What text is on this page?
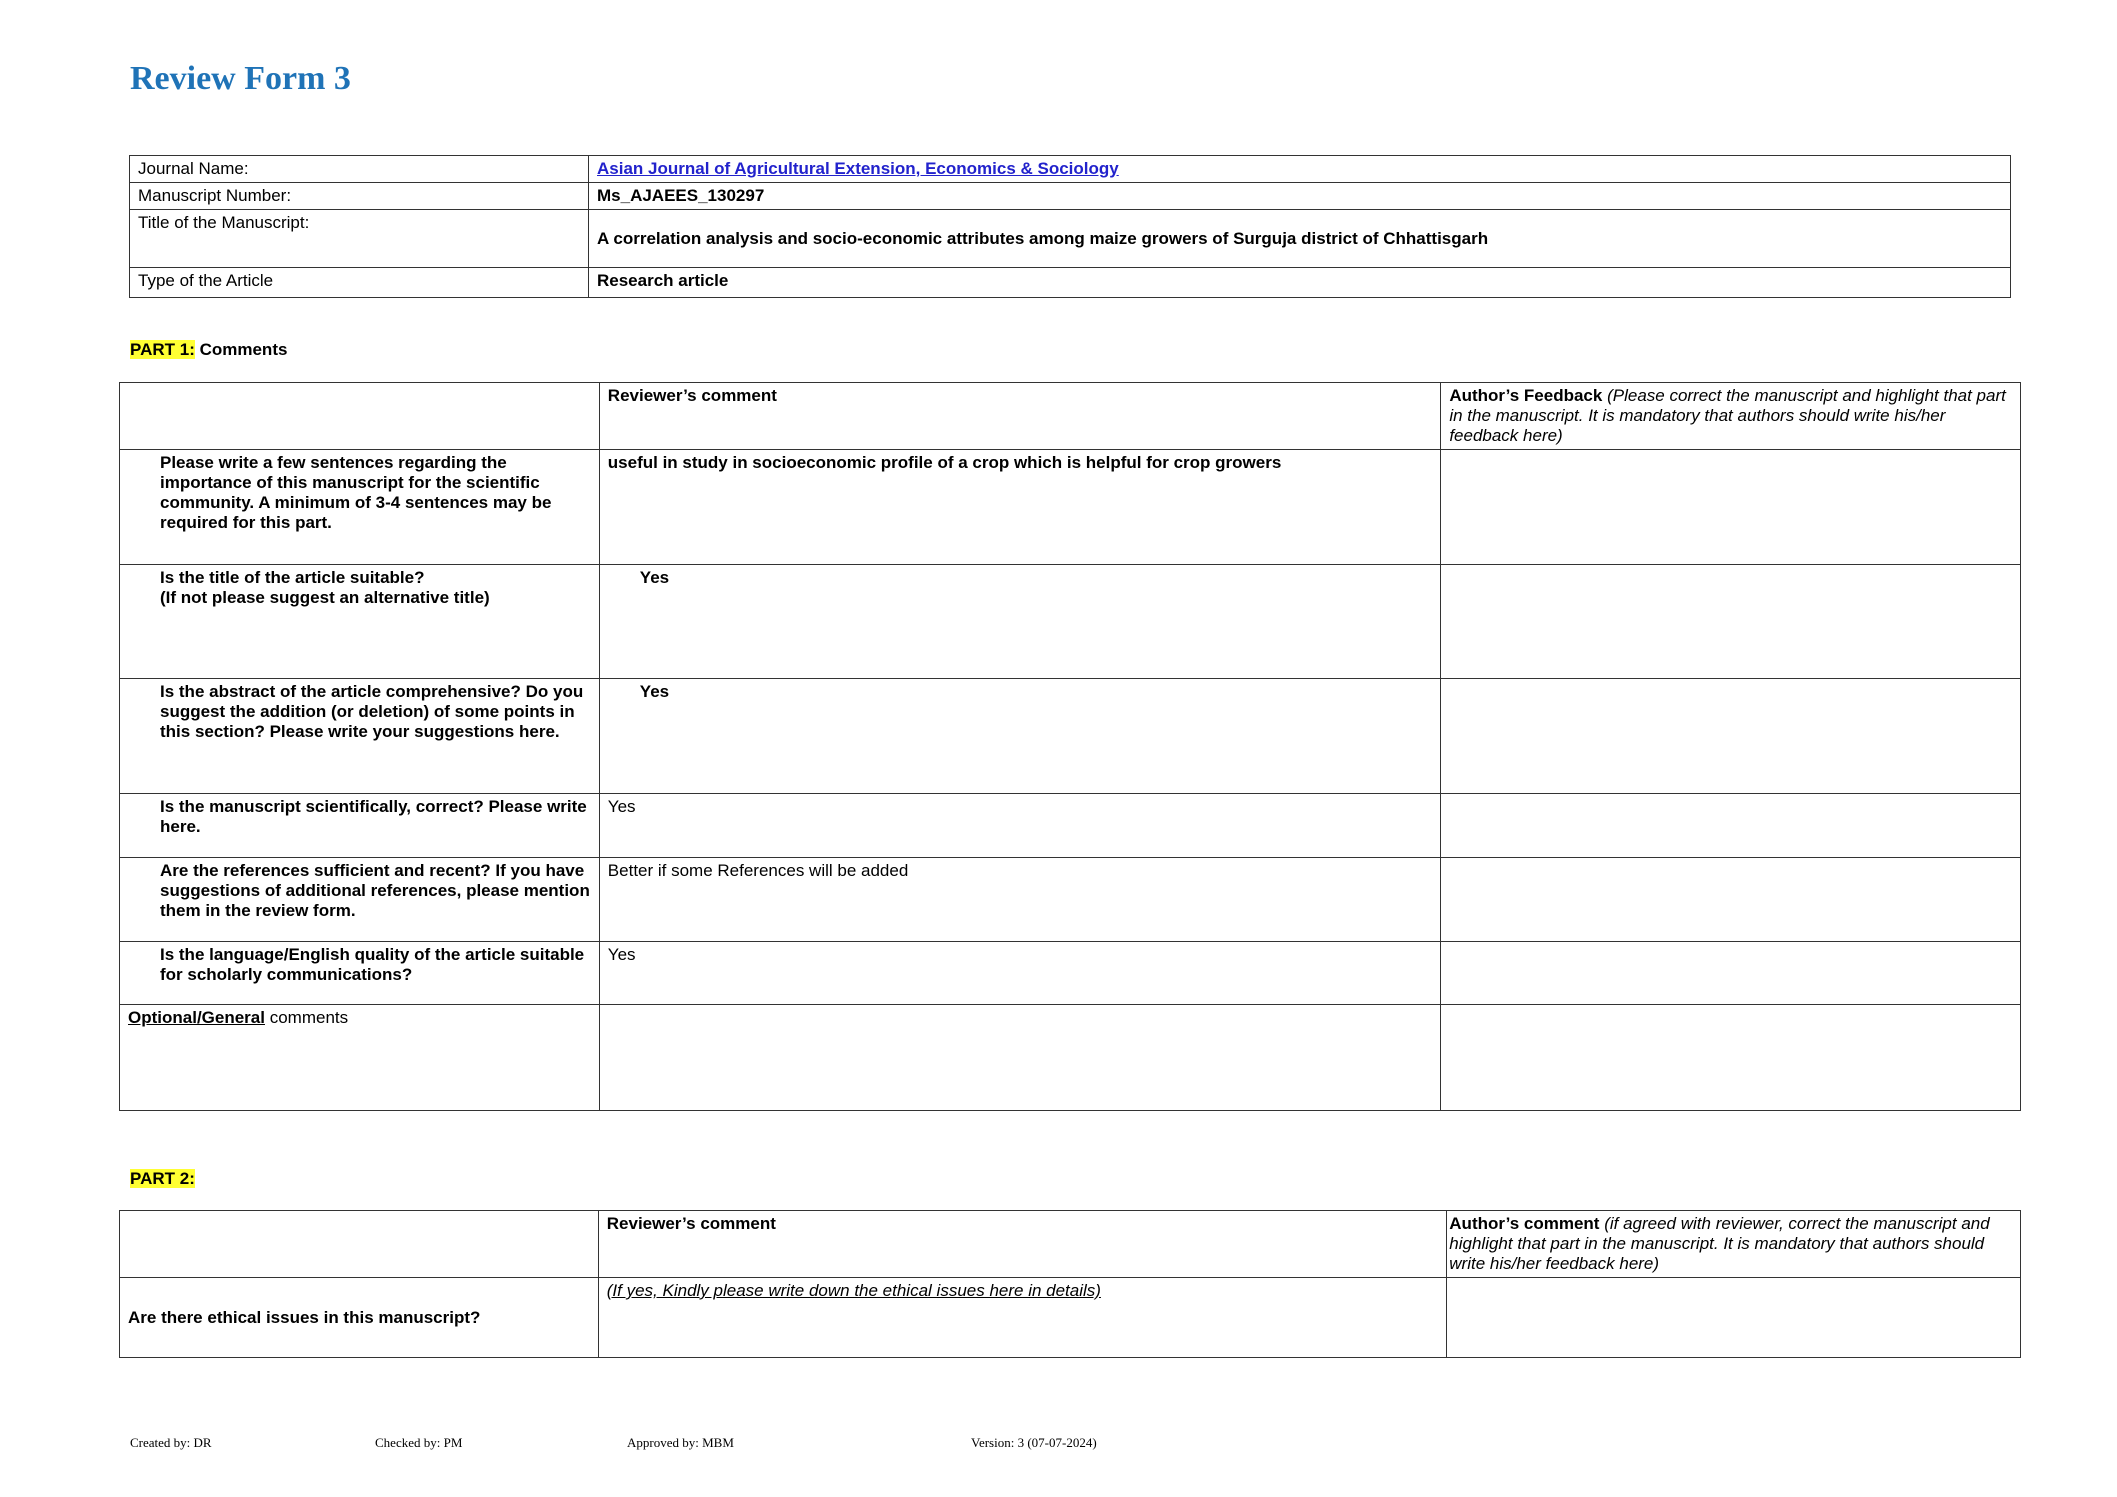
Review Form 3
Journal Name:	Asian Journal of Agricultural Extension, Economics & Sociology
Manuscript Number:	Ms_AJAEES_130297
Title of the Manuscript:	A correlation analysis and socio-economic attributes among maize growers of Surguja district of Chhattisgarh
Type of the Article	Research article
PART 1: Comments
	Reviewer’s comment	Author’s Feedback (Please correct the manuscript and highlight that part in the manuscript. It is mandatory that authors should write his/her feedback here)
Please write a few sentences regarding the importance of this manuscript for the scientific community. A minimum of 3-4 sentences may be required for this part.	useful in study in socioeconomic profile of a crop which is helpful for crop growers	

Is the title of the article suitable?
(If not please suggest an alternative title)	Yes	
Is the abstract of the article comprehensive? Do you suggest the addition (or deletion) of some points in this section? Please write your suggestions here.	Yes	
Is the manuscript scientifically, correct? Please write here.	Yes	
Are the references sufficient and recent? If you have suggestions of additional references, please mention them in the review form.	Better if some References will be added	
Is the language/English quality of the article suitable for scholarly communications?	Yes	
Optional/General comments		
PART 2:
	Reviewer’s comment	Author’s comment (if agreed with reviewer, correct the manuscript and highlight that part in the manuscript. It is mandatory that authors should write his/her feedback here)
Are there ethical issues in this manuscript?	(If yes, Kindly please write down the ethical issues here in details)	
Created by: DR	Checked by: PM	Approved by: MBM	Version: 3 (07-07-2024)
